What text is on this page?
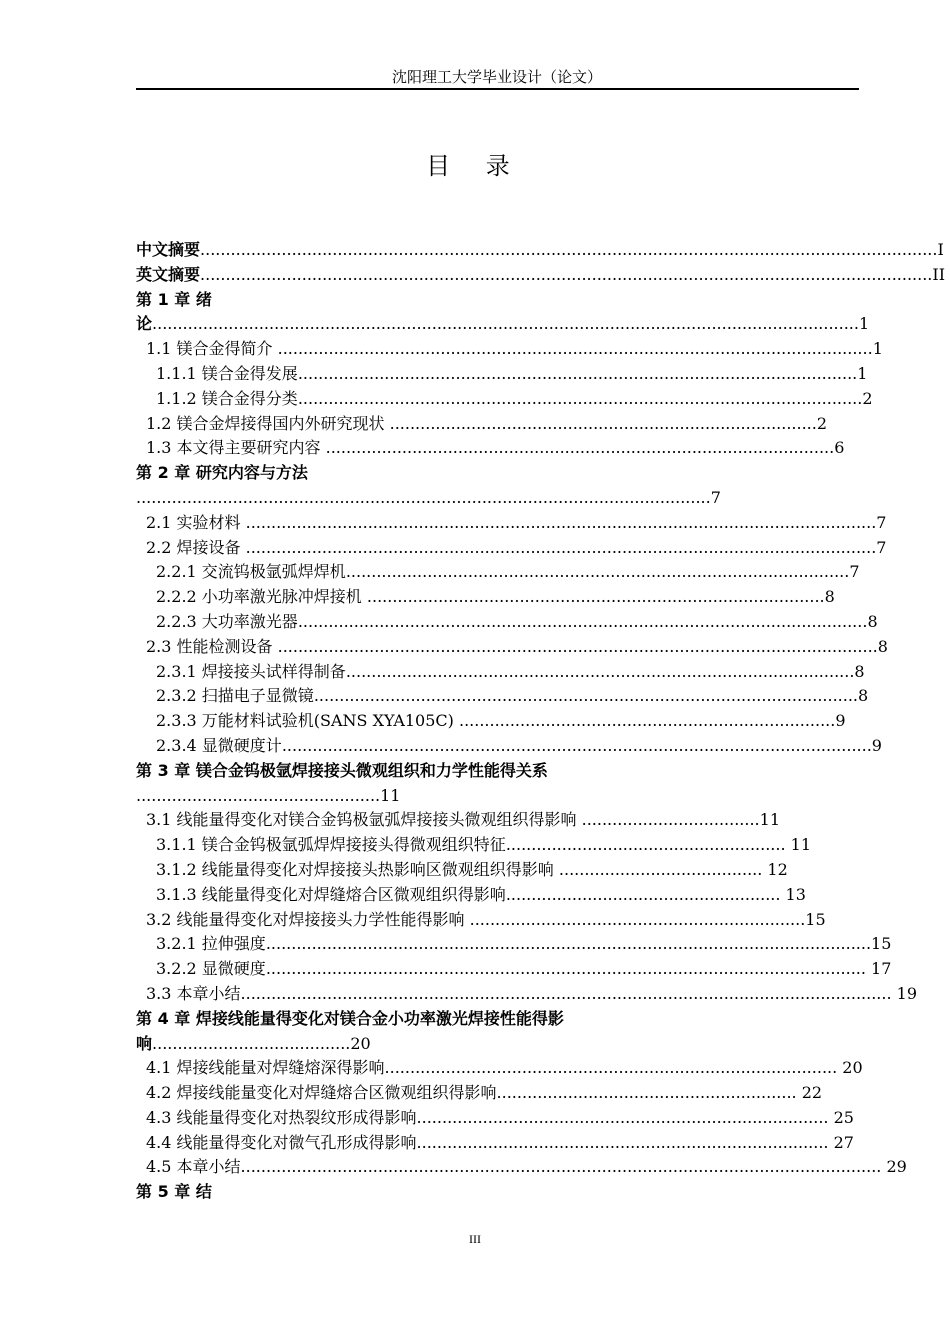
沈阳理工大学毕业设计（论文）
目 录
中文摘要.................................................................................................................................................I
英文摘要................................................................................................................................................II
第 1 章 绪
论...........................................................................................................................................1
1.1 镁合金得简介 .....................................................................................................................1
1.1.1 镁合金得发展..............................................................................................................1
1.1.2 镁合金得分类...............................................................................................................2
1.2 镁合金焊接得国内外研究现状 ....................................................................................2
1.3 本文得主要研究内容 ....................................................................................................6
第 2 章 研究内容与方法
.................................................................................................................7
2.1 实验材料 ............................................................................................................................7
2.2 焊接设备 ............................................................................................................................7
2.2.1 交流钨极氩弧焊焊机...................................................................................................7
2.2.2 小功率激光脉冲焊接机 ..........................................................................................8
2.2.3 大功率激光器................................................................................................................8
2.3 性能检测设备 ......................................................................................................................8
2.3.1 焊接接头试样得制备....................................................................................................8
2.3.2 扫描电子显微镜...........................................................................................................8
2.3.3 万能材料试验机(SANS XYA105C) ..........................................................................9
2.3.4 显微硬度计....................................................................................................................9
第 3 章 镁合金钨极氩焊接接头微观组织和力学性能得关系
................................................11
3.1 线能量得变化对镁合金钨极氩弧焊接接头微观组织得影响 ...................................11
3.1.1 镁合金钨极氩弧焊焊接接头得微观组织特征....................................................... 11
3.1.2 线能量得变化对焊接接头热影响区微观组织得影响 ........................................ 12
3.1.3 线能量得变化对焊缝熔合区微观组织得影响...................................................... 13
3.2 线能量得变化对焊接接头力学性能得影响 ..................................................................15
3.2.1 拉伸强度.......................................................................................................................15
3.2.2 显微硬度...................................................................................................................... 17
3.3 本章小结................................................................................................................................ 19
第 4 章 焊接线能量得变化对镁合金小功率激光焊接性能得影
响.......................................20
4.1 焊接线能量对焊缝熔深得影响......................................................................................... 20
4.2 焊接线能量变化对焊缝熔合区微观组织得影响........................................................... 22
4.3 线能量得变化对热裂纹形成得影响................................................................................. 25
4.4 线能量得变化对微气孔形成得影响................................................................................. 27
4.5 本章小结.............................................................................................................................. 29
第 5 章 结
III
